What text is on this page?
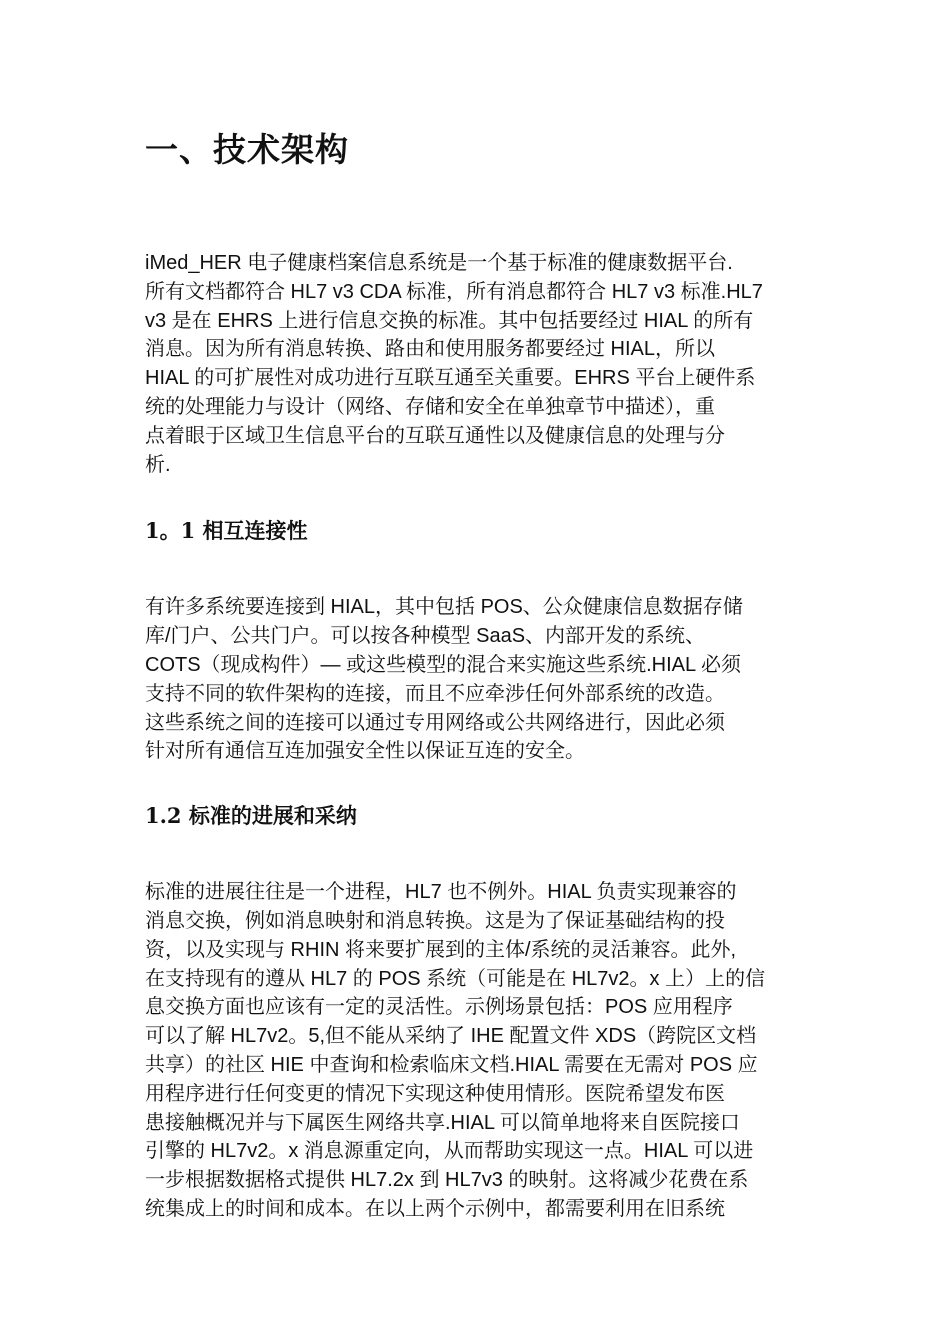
一、技术架构
iMed_HER 电子健康档案信息系统是一个基于标准的健康数据平台.
所有文档都符合 HL7 v3 CDA 标准，所有消息都符合 HL7 v3 标准.HL7
v3 是在 EHRS 上进行信息交换的标准。其中包括要经过 HIAL 的所有
消息。因为所有消息转换、路由和使用服务都要经过 HIAL，所以
HIAL 的可扩展性对成功进行互联互通至关重要。EHRS 平台上硬件系
统的处理能力与设计（网络、存储和安全在单独章节中描述），重
点着眼于区域卫生信息平台的互联互通性以及健康信息的处理与分
析.
1。1 相互连接性
有许多系统要连接到 HIAL，其中包括 POS、公众健康信息数据存储
库/门户、公共门户。可以按各种模型 SaaS、内部开发的系统、
COTS（现成构件）— 或这些模型的混合来实施这些系统.HIAL 必须
支持不同的软件架构的连接，而且不应牵涉任何外部系统的改造。
这些系统之间的连接可以通过专用网络或公共网络进行，因此必须
针对所有通信互连加强安全性以保证互连的安全。
1.2 标准的进展和采纳
标准的进展往往是一个进程，HL7 也不例外。HIAL 负责实现兼容的
消息交换，例如消息映射和消息转换。这是为了保证基础结构的投
资，以及实现与 RHIN 将来要扩展到的主体/系统的灵活兼容。此外,
在支持现有的遵从 HL7 的 POS 系统（可能是在 HL7v2。x 上）上的信
息交换方面也应该有一定的灵活性。示例场景包括：POS 应用程序
可以了解 HL7v2。5,但不能从采纳了 IHE 配置文件 XDS（跨院区文档
共享）的社区 HIE 中查询和检索临床文档.HIAL 需要在无需对 POS 应
用程序进行任何变更的情况下实现这种使用情形。医院希望发布医
患接触概况并与下属医生网络共享.HIAL 可以简单地将来自医院接口
引擎的 HL7v2。x 消息源重定向，从而帮助实现这一点。HIAL 可以进
一步根据数据格式提供 HL7.2x 到 HL7v3 的映射。这将减少花费在系
统集成上的时间和成本。在以上两个示例中，都需要利用在旧系统
